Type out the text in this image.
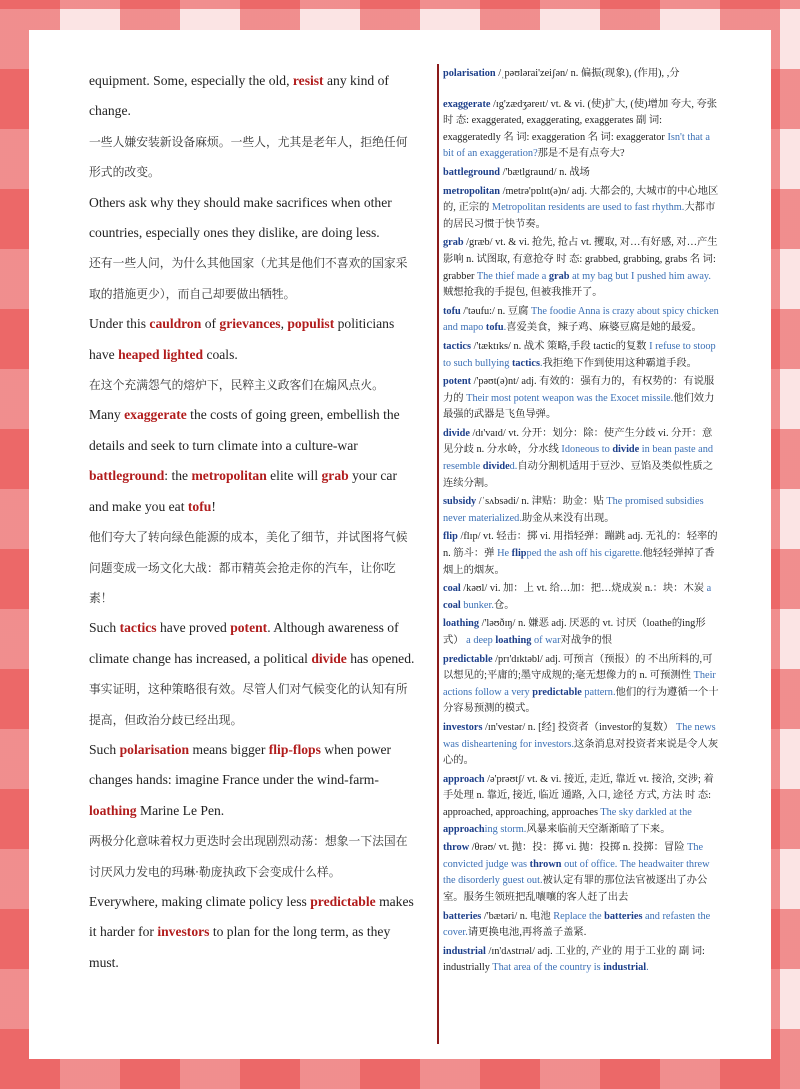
equipment. Some, especially the old, resist any kind of change.

一些人嫌安装新设备麻烦。一些人，尤其是老年人，拒绝任何形式的改变。

Others ask why they should make sacrifices when other countries, especially ones they dislike, are doing less.

还有一些人问，为什么其他国家（尤其是他们不喜欢的国家采取的措施更少），而自己却要做出牺牲。

Under this cauldron of grievances, populist politicians have heaped lighted coals.

在这个充满怨气的熔炉下，民粹主义政客们在煽风点火。

Many exaggerate the costs of going green, embellish the details and seek to turn climate into a culture-war battleground: the metropolitan elite will grab your car and make you eat tofu!

他们夸大了转向绿色能源的成本，美化了细节，并试图将气候问题变成一场文化大战：都市精英会抢走你的汽车，让你吃素！

Such tactics have proved potent. Although awareness of climate change has increased, a political divide has opened.

事实证明，这种策略很有效。尽管人们对气候变化的认知有所提高，但政治分歧已经出现。

Such polarisation means bigger flip-flops when power changes hands: imagine France under the wind-farm-loathing Marine Le Pen.

两极分化意味着权力更迭时会出现剧烈动荡：想象一下法国在讨厌风力发电的玛琳·勒庞执政下会变成什么样。

Everywhere, making climate policy less predictable makes it harder for investors to plan for the long term, as they must.

polarisation /ˌpəʊlərai'zeiʃən/ n. 偏振(现象), (作用), ,分
exaggerate /ɪg'zædʒəreɪt/ vt. & vi. (使)扩大, (使)增加 夸大, 夸张 时 态: exaggerated, exaggerating, exaggerates 副 词: exaggeratedly 名 词: exaggeration 名 词: exaggerator Isn't that a bit of an exaggeration?那是不是有点夸大?
battleground /'bætlgraund/ n. 战场
metropolitan /metrə'pɒlɪt(ə)n/ adj. 大都会的, 大城市的中心地区的, 正宗的 Metropolitan residents are used to fast rhythm.大都市的居民习惯于快节奏。
grab /græb/ vt. & vi. 抢先, 抢占 vt. 攫取, 对…有好感, 对…产生影响 n. 试图取, 有意抢夺 时 态: grabbed, grabbing, grabs 名 词: grabber The thief made a grab at my bag but I pushed him away.贼想抢我的手提包, 但被我推开了。
tofu /'təufu:/ n. 豆腐 The foodie Anna is crazy about spicy chicken and mapo tofu.喜爱美食，辣子鸡、麻婆豆腐是她的最爱。
tactics /'tæktɪks/ n. 战术 策略,手段 tactic的复数 I refuse to stoop to such bullying tactics.我拒绝下作到使用这种霸道手段。
potent /'pəʊt(ə)nt/ adj. 有效的：强有力的，有权势的：有说服力的 Their most potent weapon was the Exocet missile.他们效力最强的武器是飞鱼导弹。
divide /dɪ'vaɪd/ vt. 分开：划分：除：使产生分歧 vi. 分开：意见分歧 n. 分水岭，分水线 Idoneous to divide in bean paste and resemble divided.自动分割机适用于豆沙、豆馅及类似性质之连续分割。
subsidy /ˈsʌbsədi/ n. 津贴：助金：贴 The promised subsidies never materialized.助金从来没有出现。
flip /flɪp/ vt. 轻击：掷 vi. 用指轻弹：蹦跳 adj. 无礼的：轻率的 n. 筋斗：弹 He flipped the ash off his cigarette.他轻轻弹掉了香烟上的烟灰。
coal /kəʊl/ vi. 加：上 vt. 给…加：把…烧成炭 n.：块：木炭 a coal bunker.仓。
loathing /'ləʊðɪŋ/ n. 嫌恶 adj. 厌恶的 vt. 讨厌（loathe的ing形式） a deep loathing of war对战争的恨
predictable /prɪ'dɪktəbl/ adj. 可预言（预报）的 不出所料的,可以想见的;平庸的;墨守成规的;毫无想像力的 n. 可预测性 Their actions follow a very predictable pattern.他们的行为遵循一个十分容易预测的模式。
investors /ɪn'vestər/ n. [经] 投资者（investor的复数） The news was disheartening for investors.这条消息对投资者来说是令人灰心的。
approach /ə'prəʊtʃ/ vt. & vi. 接近, 走近, 靠近 vt. 接洽, 交涉; 着手处理 n. 靠近, 接近, 临近 通路, 入口, 途径 方式, 方法 时 态: approached, approaching, approaches The sky darkled at the approaching storm.风暴来临前天空渐渐暗了下来。
throw /θrəʊ/ vt. 抛：投：掷 vi. 抛：投掷 n. 投掷：冒险 The convicted judge was thrown out of office. The headwaiter threw the disorderly guest out.被认定有罪的那位法官被逐出了办公室。服务生领班把乱嚷嚷的客人赶了出去
batteries /'bætəri/ n. 电池 Replace the batteries and refasten the cover.请更换电池,再将盖子盖紧.
industrial /ɪn'dʌstrɪəl/ adj. 工业的, 产业的 用于工业的 副 词: industrially That area of the country is industrial.
